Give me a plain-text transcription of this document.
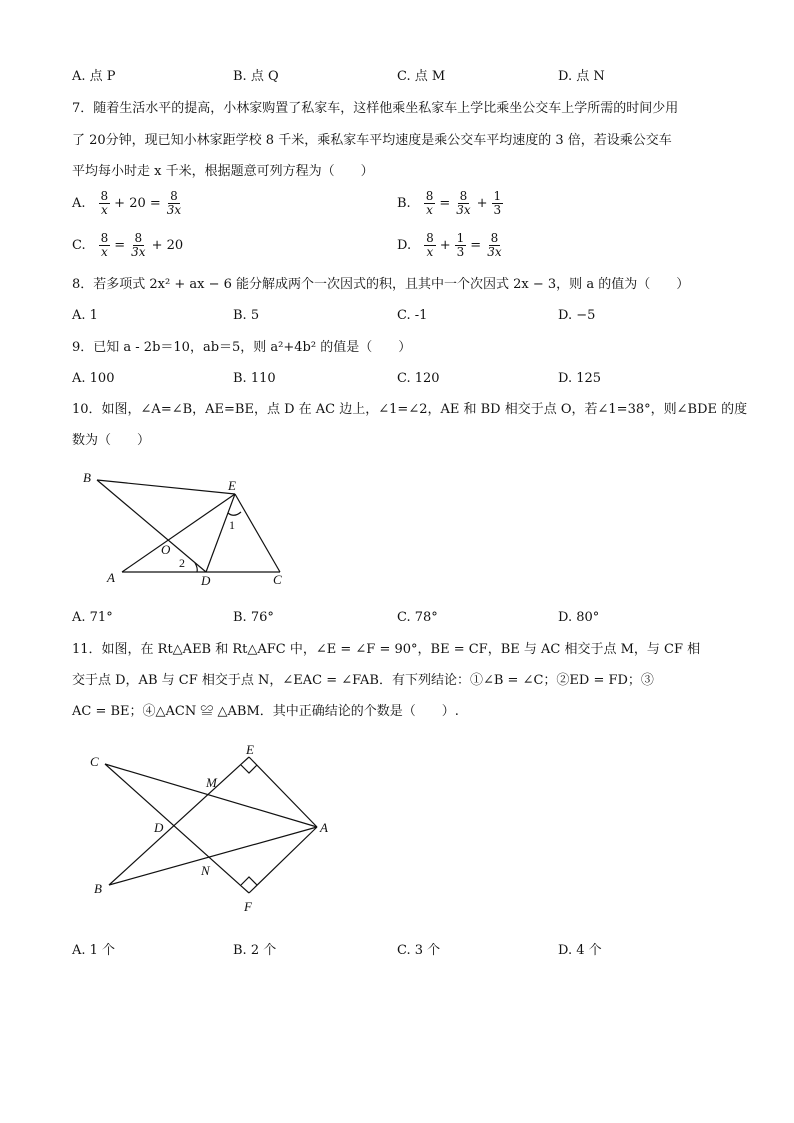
A. 点 P	B. 点 Q	C. 点 M	D. 点 N
7．随着生活水平的提高，小林家购置了私家车，这样他乘坐私家车上学比乘坐公交车上学所需的时间少用
了 20分钟，现已知小林家距学校 8 千米，乘私家车平均速度是乘公交车平均速度的 3 倍，若设乘公交车
平均每小时走 x 千米，根据题意可列方程为（　　）
A. $\frac{8}{x} + 20 = \frac{8}{3x}$	B. $\frac{8}{x} = \frac{8}{3x} + \frac{1}{3}$
C. $\frac{8}{x} = \frac{8}{3x} + 20$	D. $\frac{8}{x} + \frac{1}{3} = \frac{8}{3x}$
8．若多项式 2x² + ax − 6 能分解成两个一次因式的积，且其中一个次因式 2x − 3，则 a 的值为（　　）
A. 1	B. 5	C. -1	D. −5
9．已知 a - 2b＝10，ab＝5，则 a²+4b² 的值是（　　）
A. 100	B. 110	C. 120	D. 125
10．如图，∠A=∠B，AE=BE，点 D 在 AC 边上，∠1=∠2，AE 和 BD 相交于点 O，若∠1=38°，则∠BDE 的度
数为（　　）
B
E
O
A	D	C
1
2
A. 71°	B. 76°	C. 78°	D. 80°
11．如图，在 Rt△AEB 和 Rt△AFC 中，∠E = ∠F = 90°，BE = CF，BE 与 AC 相交于点 M，与 CF 相
交于点 D，AB 与 CF 相交于点 N，∠EAC = ∠FAB．有下列结论：①∠B = ∠C；②ED = FD；③
AC = BE；④△ACN ≌ △ABM．其中正确结论的个数是（　　）.
C
E
M
D	A
B
N
F
A. 1 个	B. 2 个	C. 3 个	D. 4 个
